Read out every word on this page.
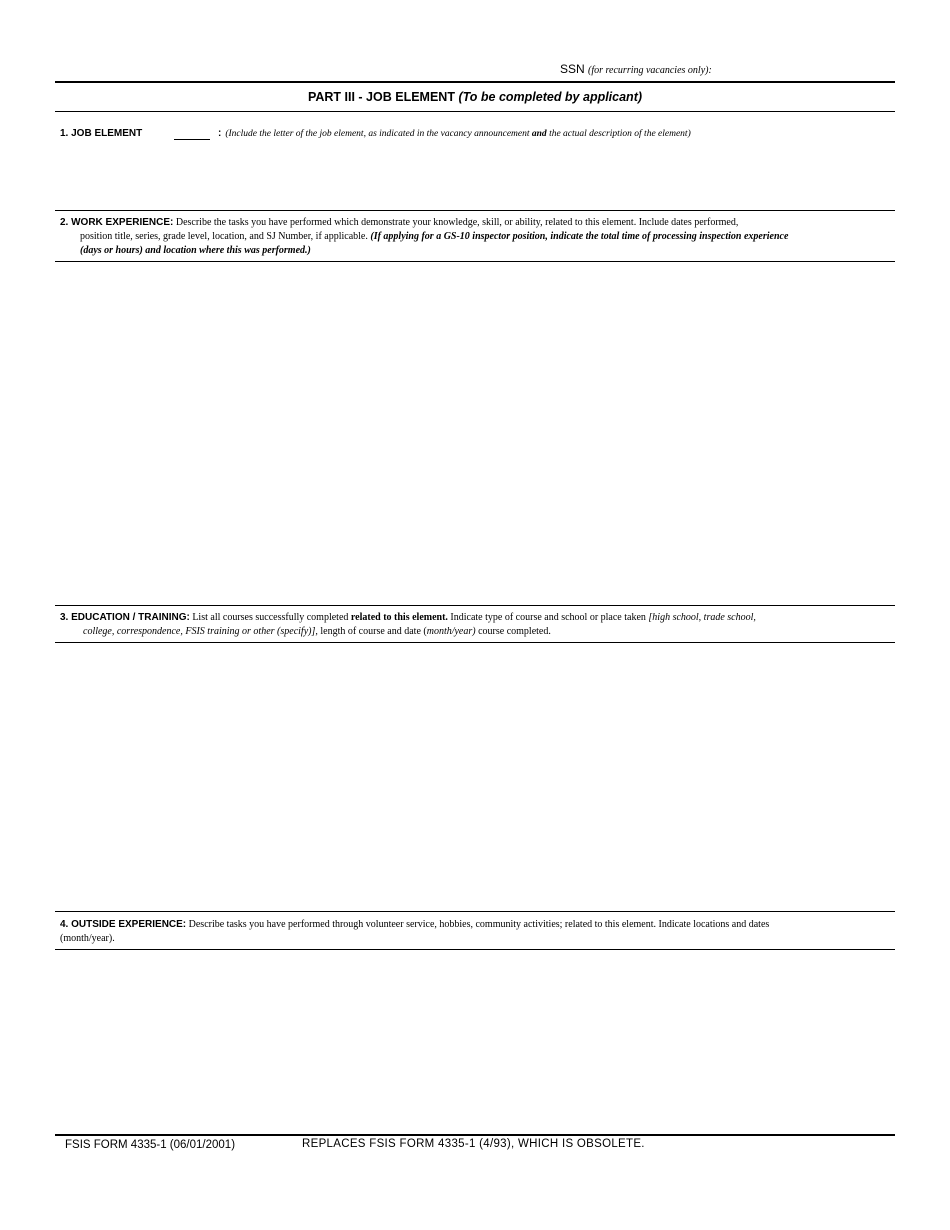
SSN (for recurring vacancies only):
PART III - JOB ELEMENT (To be completed by applicant)
1. JOB ELEMENT	: (Include the letter of the job element, as indicated in the vacancy announcement and the actual description of the element)
2. WORK EXPERIENCE: Describe the tasks you have performed which demonstrate your knowledge, skill, or ability, related to this element. Include dates performed,
position title, series, grade level, location, and SJ Number, if applicable. (If applying for a GS-10 inspector position, indicate the total time of processing inspection experience
(days or hours) and location where this was performed.)
3. EDUCATION / TRAINING: List all courses successfully completed related to this element. Indicate type of course and school or place taken [high school, trade school,
college, correspondence, FSIS training or other (specify)], length of course and date (month/year) course completed.
4. OUTSIDE EXPERIENCE: Describe tasks you have performed through volunteer service, hobbies, community activities; related to this element. Indicate locations and dates
(month/year).
FSIS FORM 4335-1 (06/01/2001)	REPLACES FSIS FORM 4335-1 (4/93), WHICH IS OBSOLETE.
